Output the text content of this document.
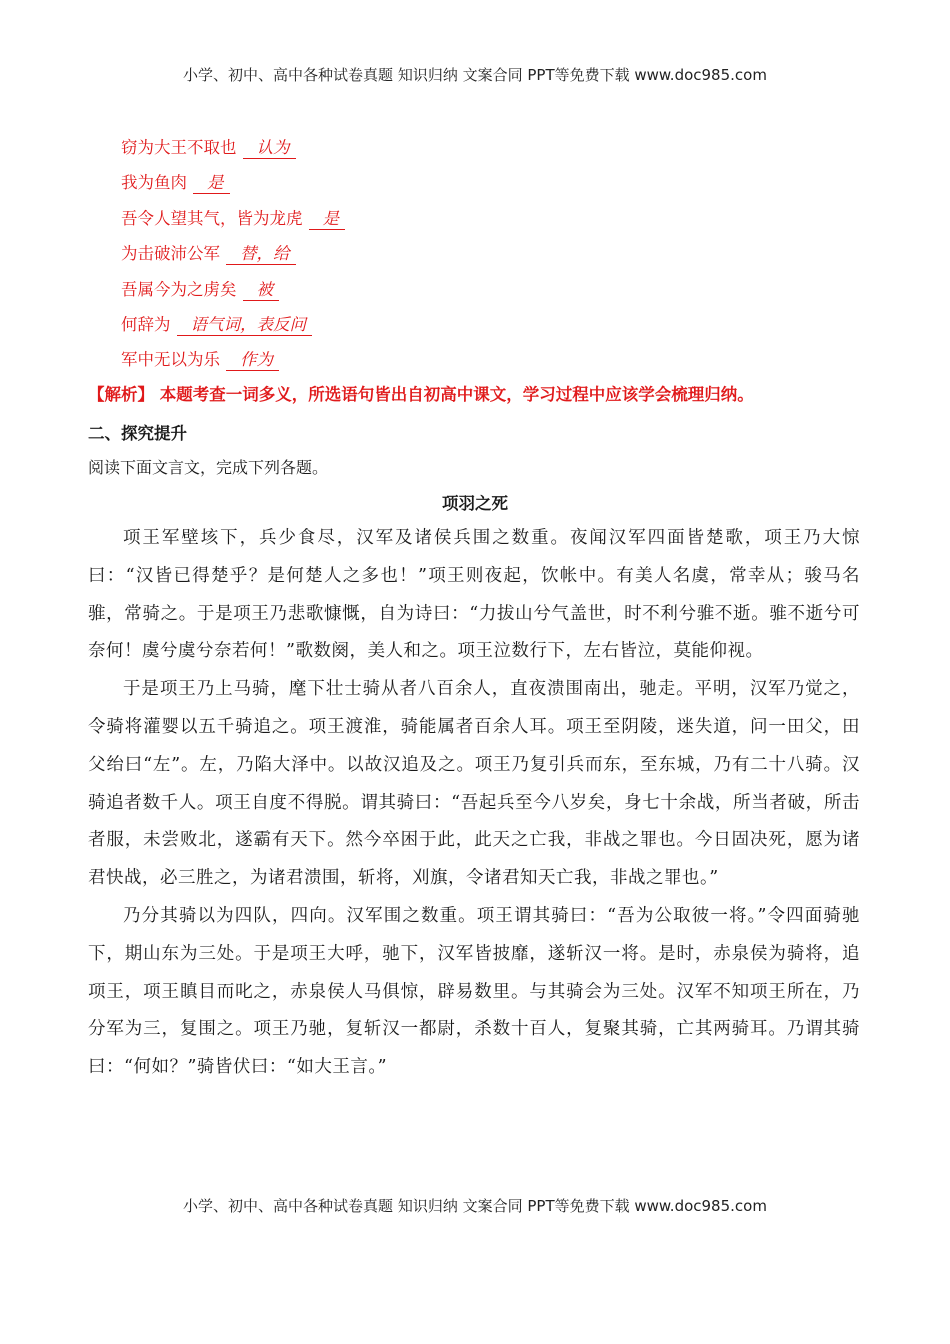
小学、初中、高中各种试卷真题 知识归纳 文案合同 PPT等免费下载 www.doc985.com
窃为大王不取也 认为
我为鱼肉 是
吾令人望其气，皆为龙虎 是
为击破沛公军 替，给
吾属今为之虏矣 被
何辞为 语气词，表反问
军中无以为乐 作为
【解析】 本题考查一词多义，所选语句皆出自初高中课文，学习过程中应该学会梳理归纳。
二、探究提升
阅读下面文言文，完成下列各题。
项羽之死

项王军壁垓下，兵少食尽，汉军及诸侯兵围之数重。夜闻汉军四面皆楚歌，项王乃大惊曰：“汉皆已得楚乎？是何楚人之多也！”项王则夜起，饮帐中。有美人名虞，常幸从；骏马名骓，常骑之。于是项王乃悲歌慷慨，自为诗曰：“力拔山兮气盖世，时不利兮骓不逝。骓不逝兮可奈何！虞兮虞兮奈若何！”歌数阕，美人和之。项王泣数行下，左右皆泣，莫能仰视。

于是项王乃上马骑，麾下壮士骑从者八百余人，直夜溃围南出，驰走。平明，汉军乃觉之，令骑将灌婴以五千骑追之。项王渡淮，骑能属者百余人耳。项王至阴陵，迷失道，问一田父，田父绐曰“左”。左，乃陷大泽中。以故汉追及之。项王乃复引兵而东，至东城，乃有二十八骑。汉骑追者数千人。项王自度不得脱。谓其骑曰：“吾起兵至今八岁矣，身七十余战，所当者破，所击者服，未尝败北，遂霸有天下。然今卒困于此，此天之亡我，非战之罪也。今日固决死，愿为诸君快战，必三胜之，为诸君溃围，斩将，刈旗，令诸君知天亡我，非战之罪也。”

乃分其骑以为四队，四向。汉军围之数重。项王谓其骑曰：“吾为公取彼一将。”令四面骑驰下，期山东为三处。于是项王大呼，驰下，汉军皆披靡，遂斩汉一将。是时，赤泉侯为骑将，追项王，项王瞋目而叱之，赤泉侯人马俱惊，辟易数里。与其骑会为三处。汉军不知项王所在，乃分军为三，复围之。项王乃驰，复斩汉一都尉，杀数十百人，复聚其骑，亡其两骑耳。乃谓其骑曰：“何如？”骑皆伏曰：“如大王言。”

小学、初中、高中各种试卷真题 知识归纳 文案合同 PPT等免费下载 www.doc985.com
